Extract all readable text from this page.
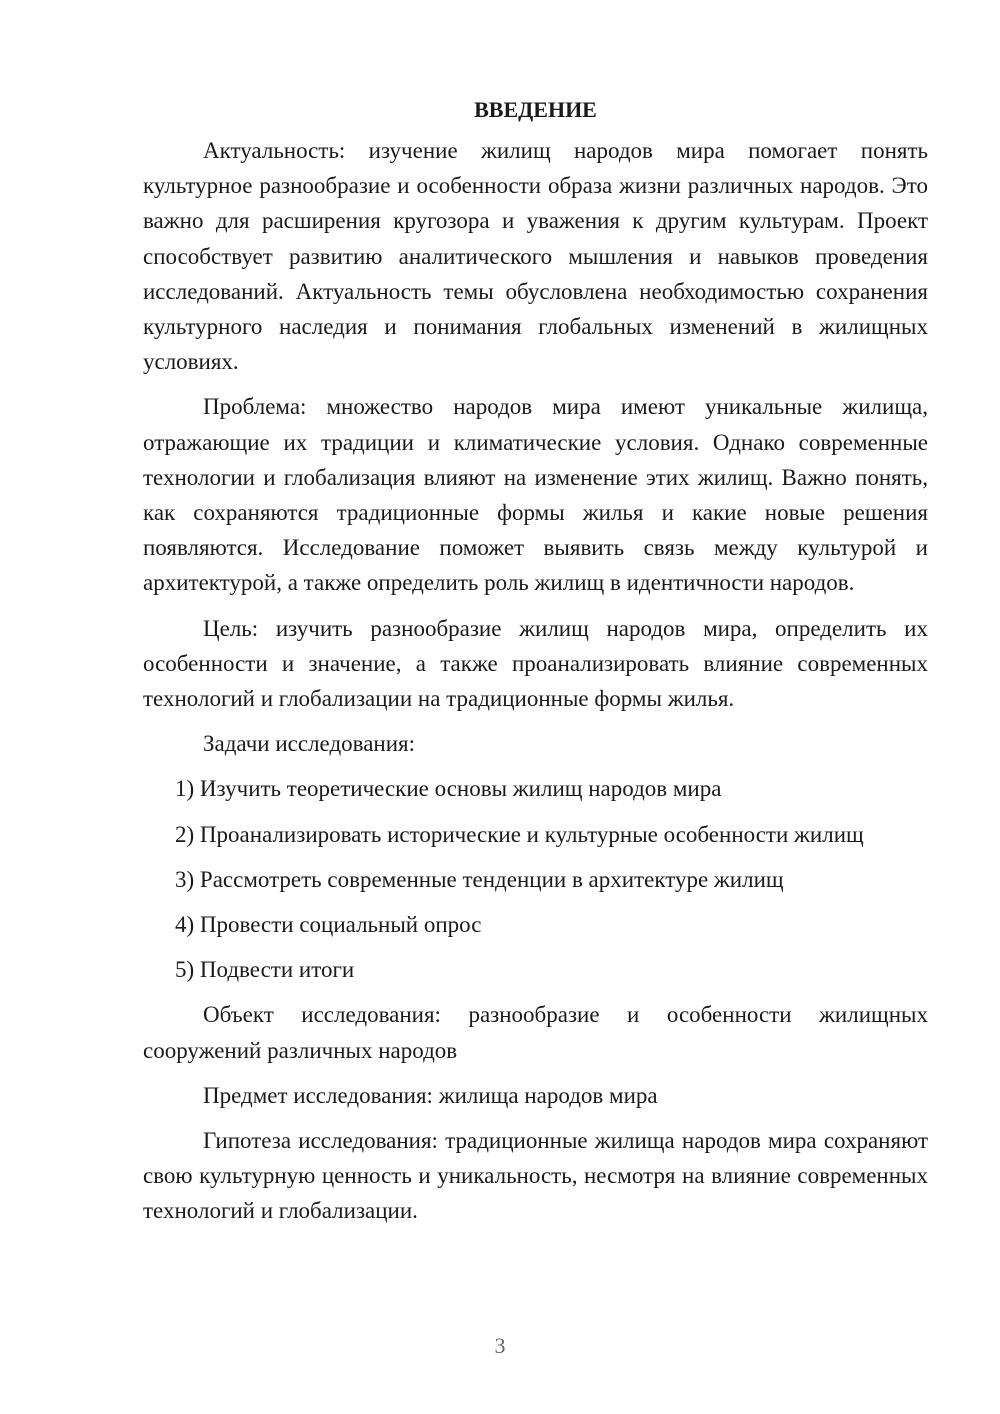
ВВЕДЕНИЕ

Актуальность: изучение жилищ народов мира помогает понять культурное разнообразие и особенности образа жизни различных народов. Это важно для расширения кругозора и уважения к другим культурам. Проект способствует развитию аналитического мышления и навыков проведения исследований. Актуальность темы обусловлена необходимостью сохранения культурного наследия и понимания глобальных изменений в жилищных условиях.

Проблема: множество народов мира имеют уникальные жилища, отражающие их традиции и климатические условия. Однако современные технологии и глобализация влияют на изменение этих жилищ. Важно понять, как сохраняются традиционные формы жилья и какие новые решения появляются. Исследование поможет выявить связь между культурой и архитектурой, а также определить роль жилищ в идентичности народов.

Цель: изучить разнообразие жилищ народов мира, определить их особенности и значение, а также проанализировать влияние современных технологий и глобализации на традиционные формы жилья.

Задачи исследования:

1) Изучить теоретические основы жилищ народов мира
2) Проанализировать исторические и культурные особенности жилищ
3) Рассмотреть современные тенденции в архитектуре жилищ
4) Провести социальный опрос
5) Подвести итоги

Объект исследования: разнообразие и особенности жилищных сооружений различных народов

Предмет исследования: жилища народов мира

Гипотеза исследования: традиционные жилища народов мира сохраняют свою культурную ценность и уникальность, несмотря на влияние современных технологий и глобализации.

3
